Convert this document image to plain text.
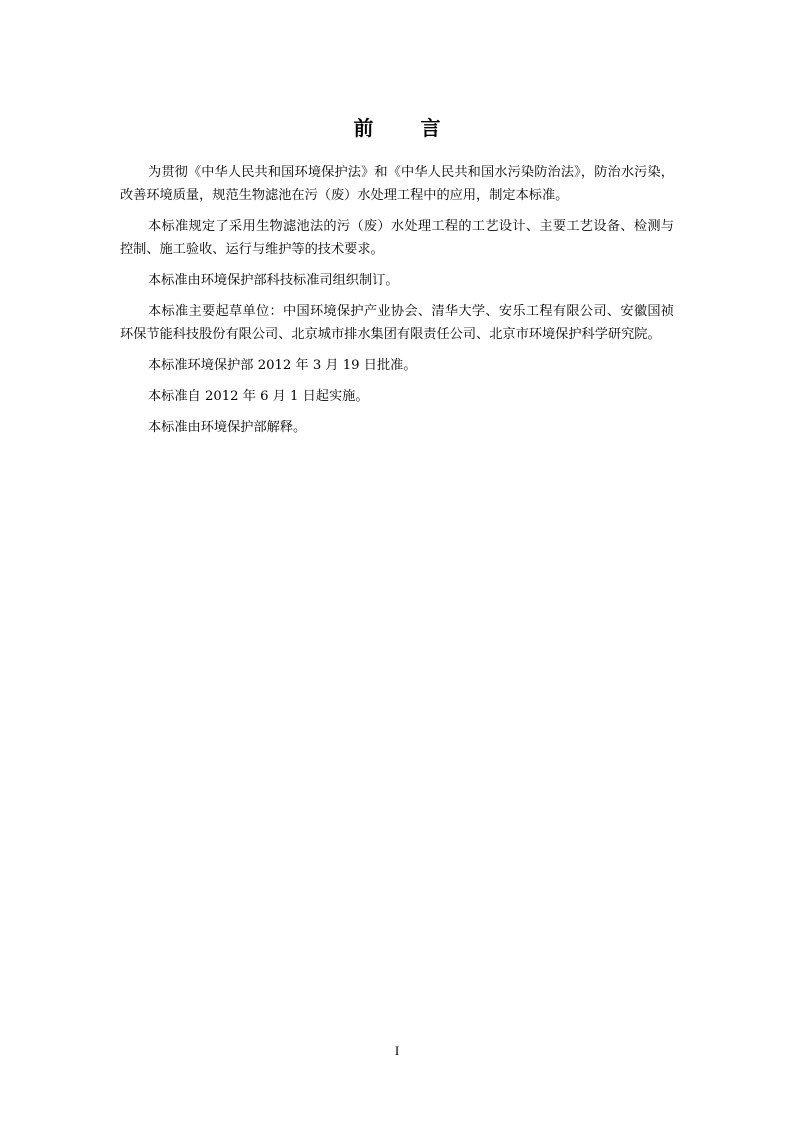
前 言

为贯彻《中华人民共和国环境保护法》和《中华人民共和国水污染防治法》，防治水污染，改善环境质量，规范生物滤池在污（废）水处理工程中的应用，制定本标准。

本标准规定了采用生物滤池法的污（废）水处理工程的工艺设计、主要工艺设备、检测与控制、施工验收、运行与维护等的技术要求。

本标准由环境保护部科技标准司组织制订。

本标准主要起草单位：中国环境保护产业协会、清华大学、安乐工程有限公司、安徽国祯环保节能科技股份有限公司、北京城市排水集团有限责任公司、北京市环境保护科学研究院。

本标准环境保护部 2012 年 3 月 19 日批准。

本标准自 2012 年 6 月 1 日起实施。

本标准由环境保护部解释。

I
